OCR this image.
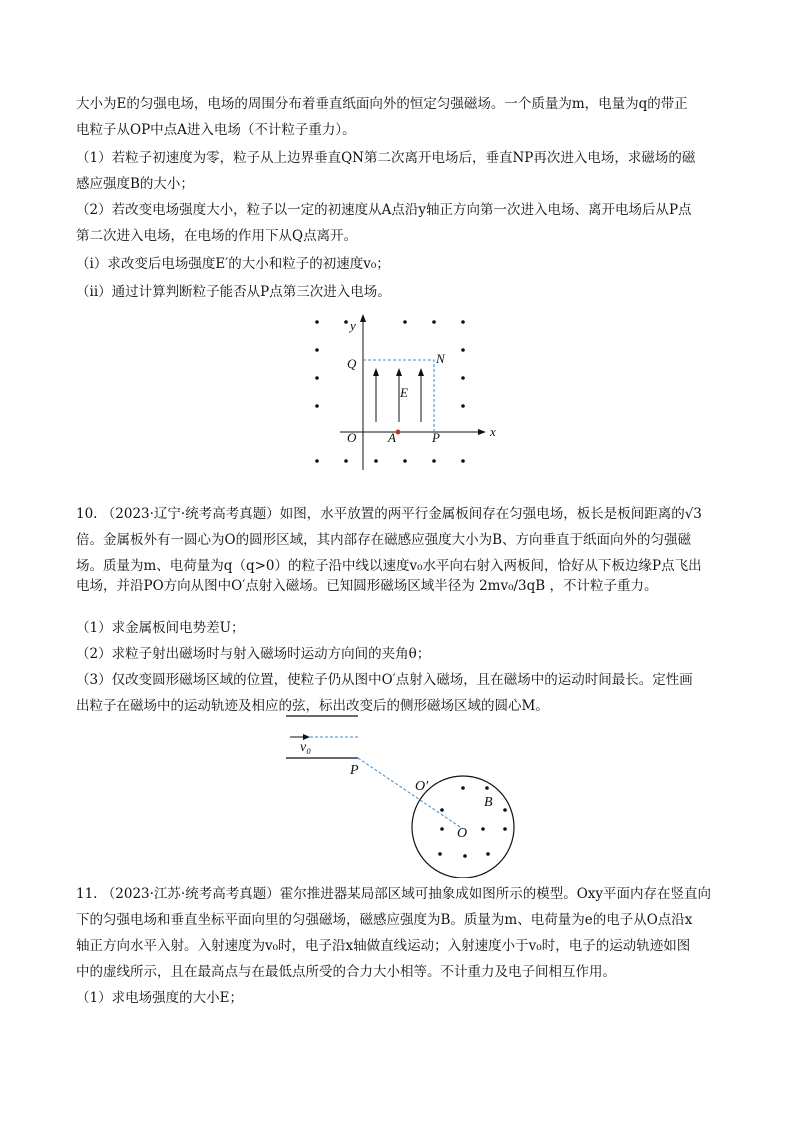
大小为E的匀强电场，电场的周围分布着垂直纸面向外的恒定匀强磁场。一个质量为m，电量为q的带正
电粒子从OP中点A进入电场（不计粒子重力）。
（1）若粒子初速度为零，粒子从上边界垂直QN第二次离开电场后，垂直NP再次进入电场，求磁场的磁
感应强度B的大小；
（2）若改变电场强度大小，粒子以一定的初速度从A点沿y轴正方向第一次进入电场、离开电场后从P点
第二次进入电场，在电场的作用下从Q点离开。
（i）求改变后电场强度E′的大小和粒子的初速度v₀；
（ii）通过计算判断粒子能否从P点第三次进入电场。
y
x
Q	N
E
O A	P
10. （2023·辽宁·统考高考真题）如图，水平放置的两平行金属板间存在匀强电场，板长是板间距离的√3
倍。金属板外有一圆心为O的圆形区域，其内部存在磁感应强度大小为B、方向垂直于纸面向外的匀强磁
场。质量为m、电荷量为q（q>0）的粒子沿中线以速度v₀水平向右射入两板间，恰好从下板边缘P点飞出
电场，并沿PO方向从图中O′点射入磁场。已知圆形磁场区域半径为 2mv₀/3qB ，不计粒子重力。
（1）求金属板间电势差U；
（2）求粒子射出磁场时与射入磁场时运动方向间的夹角θ；
（3）仅改变圆形磁场区域的位置，使粒子仍从图中O′点射入磁场，且在磁场中的运动时间最长。定性画
出粒子在磁场中的运动轨迹及相应的弦，标出改变后的侧形磁场区域的圆心M。
v₀
P
O′
B
O
11. （2023·江苏·统考高考真题）霍尔推进器某局部区域可抽象成如图所示的模型。Oxy平面内存在竖直向
下的匀强电场和垂直坐标平面向里的匀强磁场，磁感应强度为B。质量为m、电荷量为e的电子从O点沿x
轴正方向水平入射。入射速度为v₀时，电子沿x轴做直线运动；入射速度小于v₀时，电子的运动轨迹如图
中的虚线所示，且在最高点与在最低点所受的合力大小相等。不计重力及电子间相互作用。
（1）求电场强度的大小E；
